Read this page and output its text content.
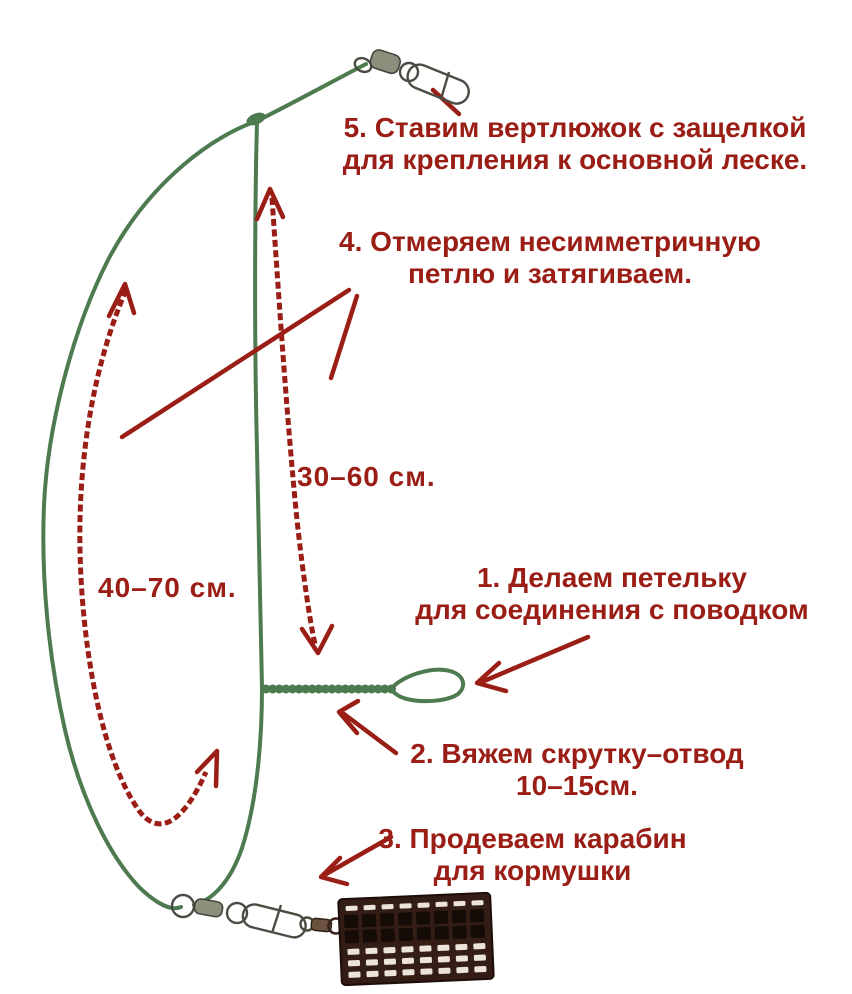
5. Ставим вертлюжок с защелкой
для крепления к основной леске.
4. Отмеряем несимметричную
петлю и затягиваем.
30–60 см.
40–70 см.	1. Делаем петельку
для соединения с поводком
2. Вяжем скрутку–отвод
10–15см.
3. Продеваем карабин
для кормушки
